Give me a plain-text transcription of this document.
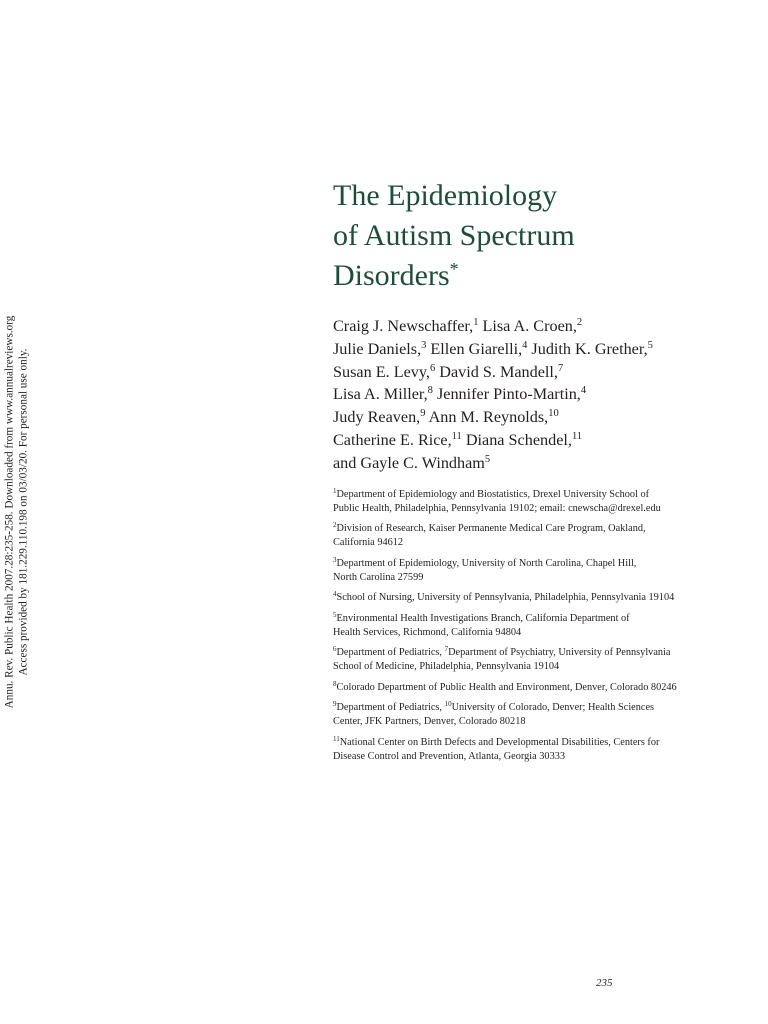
Annu. Rev. Public Health 2007.28:235-258. Downloaded from www.annualreviews.org Access provided by 181.229.110.198 on 03/03/20. For personal use only.
The Epidemiology
of Autism Spectrum
Disorders*
Craig J. Newschaffer,$^1$ Lisa A. Croen,$^2$
Julie Daniels,$^3$ Ellen Giarelli,$^4$ Judith K. Grether,$^5$
Susan E. Levy,$^6$ David S. Mandell,$^7$
Lisa A. Miller,$^8$ Jennifer Pinto-Martin,$^4$
Judy Reaven,$^9$ Ann M. Reynolds,$^{10}$
Catherine E. Rice,$^{11}$ Diana Schendel,$^{11}$
and Gayle C. Windham$^5$
$^1$Department of Epidemiology and Biostatistics, Drexel University School of
Public Health, Philadelphia, Pennsylvania 19102; email: cnewscha@drexel.edu
$^2$Division of Research, Kaiser Permanente Medical Care Program, Oakland,
California 94612
$^3$Department of Epidemiology, University of North Carolina, Chapel Hill,
North Carolina 27599
$^4$School of Nursing, University of Pennsylvania, Philadelphia, Pennsylvania 19104
$^5$Environmental Health Investigations Branch, California Department of
Health Services, Richmond, California 94804
$^6$Department of Pediatrics, $^7$Department of Psychiatry, University of Pennsylvania
School of Medicine, Philadelphia, Pennsylvania 19104
$^8$Colorado Department of Public Health and Environment, Denver, Colorado 80246
$^9$Department of Pediatrics, $^{10}$University of Colorado, Denver; Health Sciences
Center, JFK Partners, Denver, Colorado 80218
$^{11}$National Center on Birth Defects and Developmental Disabilities, Centers for
Disease Control and Prevention, Atlanta, Georgia 30333
235
